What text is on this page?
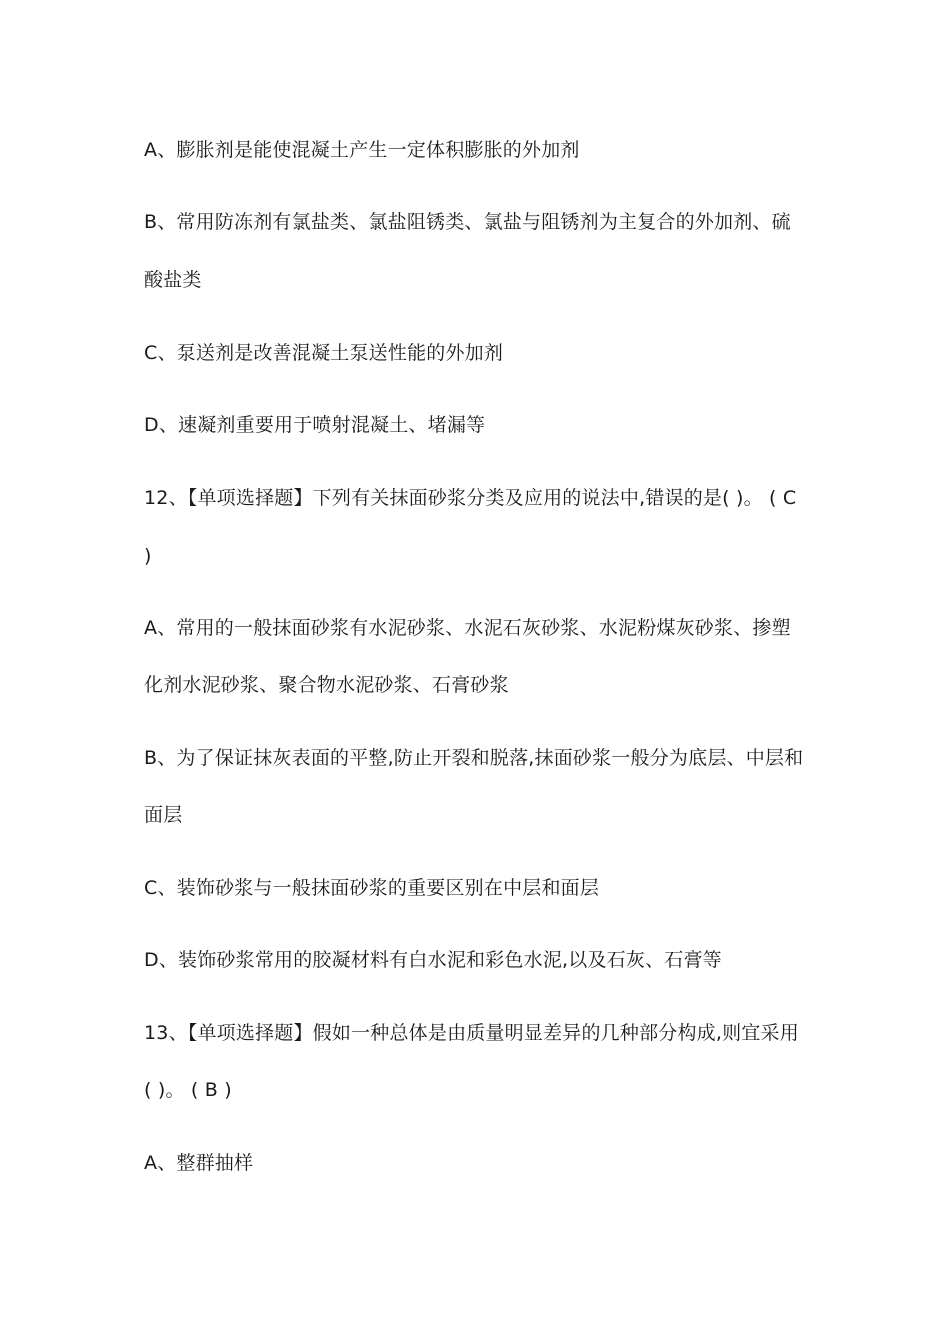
A、膨胀剂是能使混凝土产生一定体积膨胀的外加剂
B、常用防冻剂有氯盐类、氯盐阻锈类、氯盐与阻锈剂为主复合的外加剂、硫
酸盐类
C、泵送剂是改善混凝土泵送性能的外加剂
D、速凝剂重要用于喷射混凝土、堵漏等
12、【单项选择题】下列有关抹面砂浆分类及应用的说法中,错误的是( )。 ( C
)
A、常用的一般抹面砂浆有水泥砂浆、水泥石灰砂浆、水泥粉煤灰砂浆、掺塑
化剂水泥砂浆、聚合物水泥砂浆、石膏砂浆
B、为了保证抹灰表面的平整,防止开裂和脱落,抹面砂浆一般分为底层、中层和
面层
C、装饰砂浆与一般抹面砂浆的重要区别在中层和面层
D、装饰砂浆常用的胶凝材料有白水泥和彩色水泥,以及石灰、石膏等
13、【单项选择题】假如一种总体是由质量明显差异的几种部分构成,则宜采用
( )。 ( B )
A、整群抽样
